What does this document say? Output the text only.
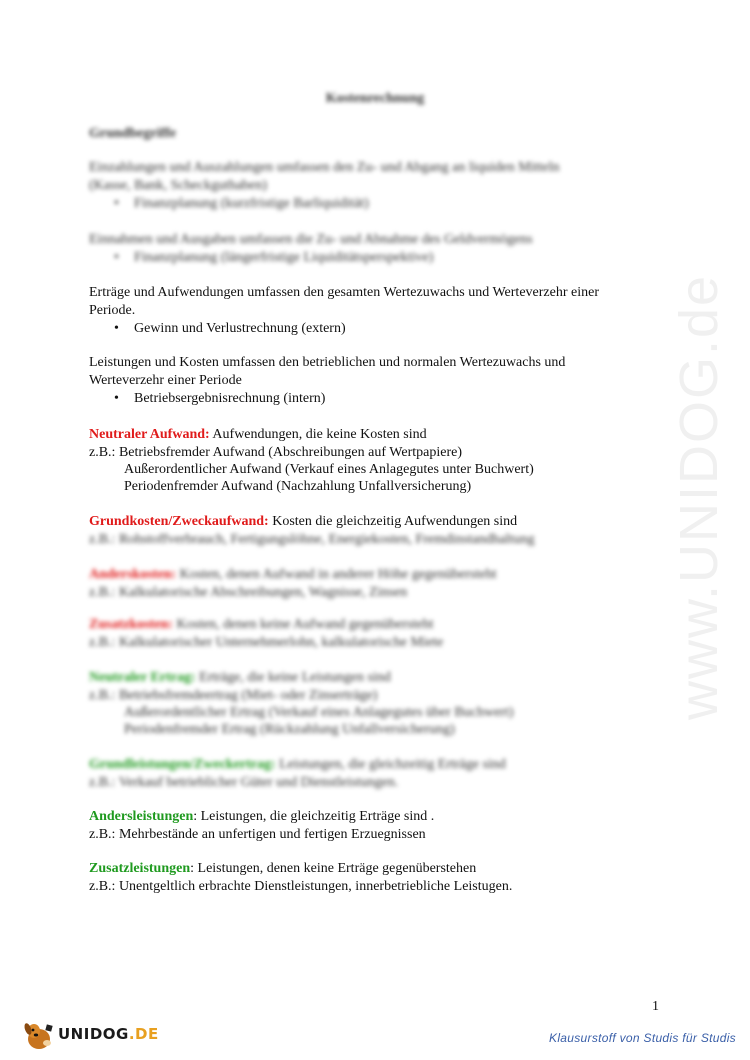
www.UNIDOG.de
Kostenrechnung
Grundbegriffe
Einzahlungen und Auszahlungen umfassen den Zu- und Abgang an liquiden Mitteln
(Kasse, Bank, Scheckguthaben)
• Finanzplanung (kurzfristige Barliquidität)
Einnahmen und Ausgaben umfassen die Zu- und Abnahme des Geldvermögens
• Finanzplanung (längerfristige Liquiditätsperspektive)
Erträge und Aufwendungen umfassen den gesamten Wertezuwachs und Werteverzehr einer
Periode.
• Gewinn und Verlustrechnung (extern)
Leistungen und Kosten umfassen den betrieblichen und normalen Wertezuwachs und
Werteverzehr einer Periode
• Betriebsergebnisrechnung (intern)
Neutraler Aufwand: Aufwendungen, die keine Kosten sind
z.B.: Betriebsfremder Aufwand (Abschreibungen auf Wertpapiere)
Außerordentlicher Aufwand (Verkauf eines Anlagegutes unter Buchwert)
Periodenfremder Aufwand (Nachzahlung Unfallversicherung)
Grundkosten/Zweckaufwand: Kosten die gleichzeitig Aufwendungen sind
z.B.: Rohstoffverbrauch, Fertigungslöhne, Energiekosten, Fremdinstandhaltung
Anderskosten: Kosten, denen Aufwand in anderer Höhe gegenübersteht
z.B.: Kalkulatorische Abschreibungen, Wagnisse, Zinsen
Zusatzkosten: Kosten, denen keine Aufwand gegenübersteht
z.B.: Kalkulatorischer Unternehmerlohn, kalkulatorische Miete
Neutraler Ertrag: Erträge, die keine Leistungen sind
z.B.: Betriebsfremdeertrag (Miet- oder Zinserträge)
Außerordentlicher Ertrag (Verkauf eines Anlagegutes über Buchwert)
Periodenfremder Ertrag (Rückzahlung Unfallversicherung)
Grundleistungen/Zweckertrag: Leistungen, die gleichzeitig Erträge sind
z.B.: Verkauf betrieblicher Güter und Dienstleistungen.
Andersleistungen: Leistungen, die gleichzeitig Erträge sind .
z.B.: Mehrbestände an unfertigen und fertigen Erzuegnissen
Zusatzleistungen: Leistungen, denen keine Erträge gegenüberstehen
z.B.: Unentgeltlich erbrachte Dienstleistungen, innerbetriebliche Leistugen.
1
UNIDOG.DE	Klausurstoff von Studis für Studis
